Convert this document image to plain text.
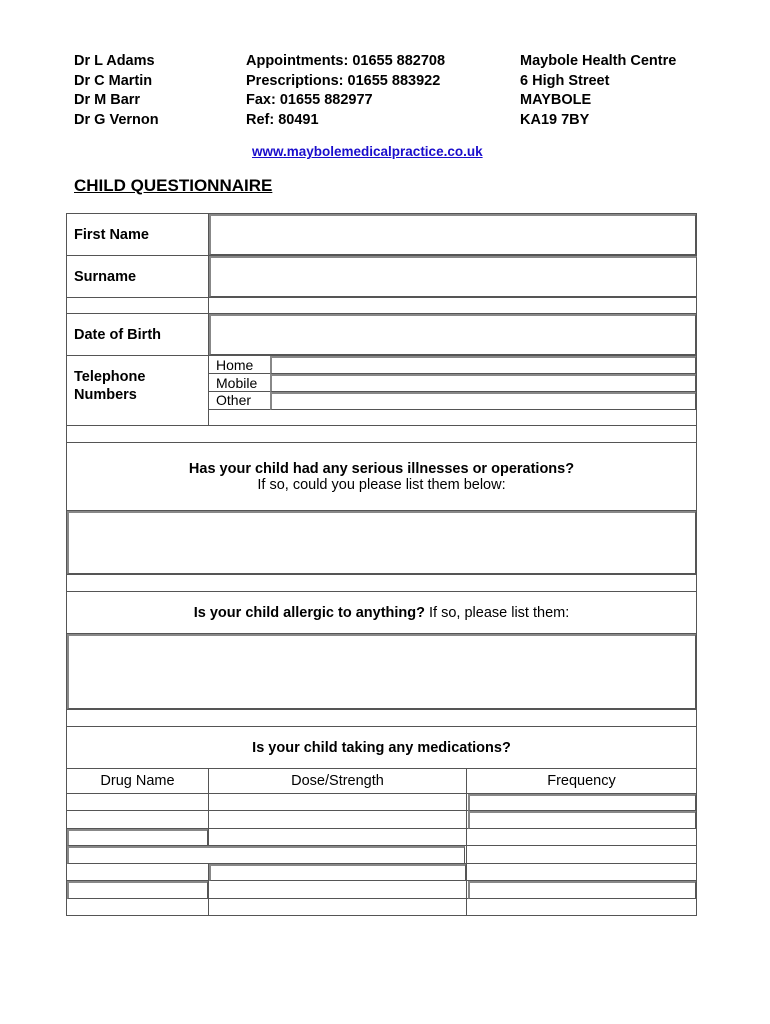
Dr L Adams
Dr C Martin
Dr M Barr
Dr G Vernon
Appointments: 01655 882708
Prescriptions: 01655 883922
Fax: 01655 882977
Ref: 80491
Maybole Health Centre
6 High Street
MAYBOLE
KA19 7BY
www.maybolemedicalpractice.co.uk
CHILD QUESTIONNAIRE
First Name
Surname
Date of Birth
Telephone
Numbers
Home
Mobile
Other
Has your child had any serious illnesses or operations?
If so, could you please list them below:
Is your child allergic to anything? If so, please list them:
Is your child taking any medications?
Drug Name	Dose/Strength	Frequency
